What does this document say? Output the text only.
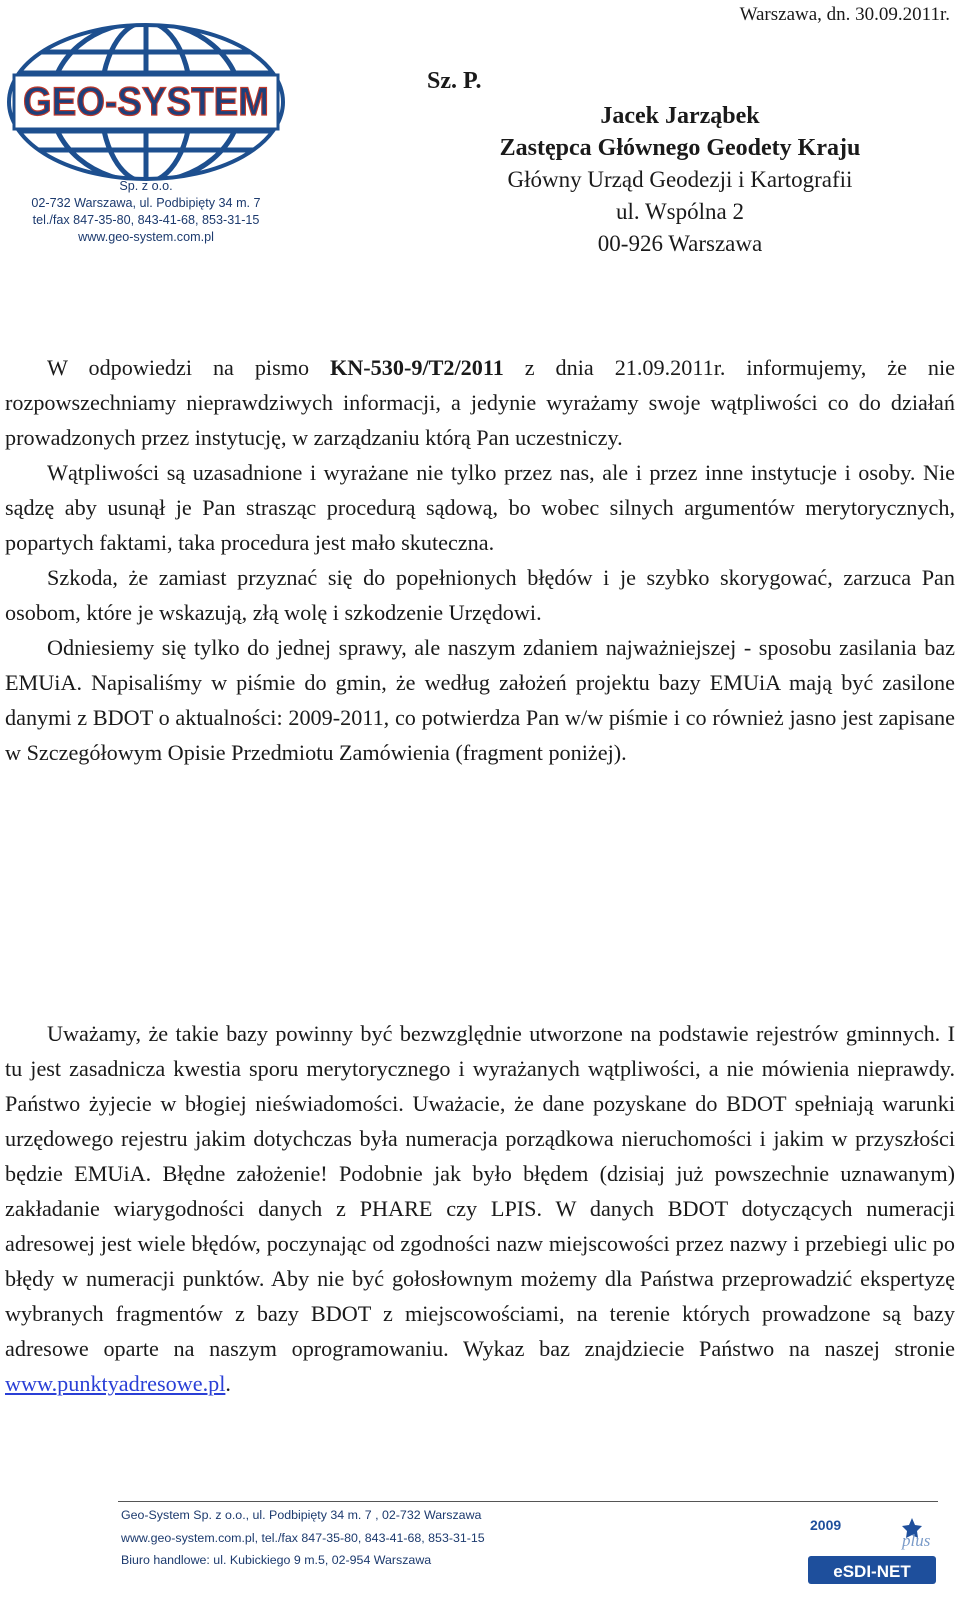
GEO-SYSTEM
Sp. z o.o.
02-732 Warszawa, ul. Podbipięty 34 m. 7
tel./fax 847-35-80, 843-41-68, 853-31-15
www.geo-system.com.pl
Warszawa, dn. 30.09.2011r.
Sz. P.
Jacek Jarząbek
Zastępca Głównego Geodety Kraju
Główny Urząd Geodezji i Kartografii
ul. Wspólna 2
00-926 Warszawa

W odpowiedzi na pismo KN-530-9/T2/2011 z dnia 21.09.2011r. informujemy, że nie rozpowszechniamy nieprawdziwych informacji, a jedynie wyrażamy swoje wątpliwości co do działań prowadzonych przez instytucję, w zarządzaniu którą Pan uczestniczy.

Wątpliwości są uzasadnione i wyrażane nie tylko przez nas, ale i przez inne instytucje i osoby. Nie sądzę aby usunął je Pan strasząc procedurą sądową, bo wobec silnych argumentów merytorycznych, popartych faktami, taka procedura jest mało skuteczna.

Szkoda, że zamiast przyznać się do popełnionych błędów i je szybko skorygować, zarzuca Pan osobom, które je wskazują, złą wolę i szkodzenie Urzędowi.

Odniesiemy się tylko do jednej sprawy, ale naszym zdaniem najważniejszej - sposobu zasilania baz EMUiA. Napisaliśmy w piśmie do gmin, że według założeń projektu bazy EMUiA mają być zasilone danymi z BDOT o aktualności: 2009-2011, co potwierdza Pan w/w piśmie i co również jasno jest zapisane w Szczegółowym Opisie Przedmiotu Zamówienia (fragment poniżej).

Uważamy, że takie bazy powinny być bezwzględnie utworzone na podstawie rejestrów gminnych. I tu jest zasadnicza kwestia sporu merytorycznego i wyrażanych wątpliwości, a nie mówienia nieprawdy. Państwo żyjecie w błogiej nieświadomości. Uważacie, że dane pozyskane do BDOT spełniają warunki urzędowego rejestru jakim dotychczas była numeracja porządkowa nieruchomości i jakim w przyszłości będzie EMUiA. Błędne założenie! Podobnie jak było błędem (dzisiaj już powszechnie uznawanym) zakładanie wiarygodności danych z PHARE czy LPIS. W danych BDOT dotyczących numeracji adresowej jest wiele błędów, poczynając od zgodności nazw miejscowości przez nazwy i przebiegi ulic po błędy w numeracji punktów. Aby nie być gołosłownym możemy dla Państwa przeprowadzić ekspertyzę wybranych fragmentów z bazy BDOT z miejscowościami, na terenie których prowadzone są bazy adresowe oparte na naszym oprogramowaniu. Wykaz baz znajdziecie Państwo na naszej stronie www.punktyadresowe.pl.

Geo-System Sp. z o.o., ul. Podbipięty 34 m. 7 , 02-732 Warszawa
www.geo-system.com.pl, tel./fax 847-35-80, 843-41-68, 853-31-15
Biuro handlowe: ul. Kubickiego 9 m.5, 02-954 Warszawa
2009
plus
eSDI-NET
